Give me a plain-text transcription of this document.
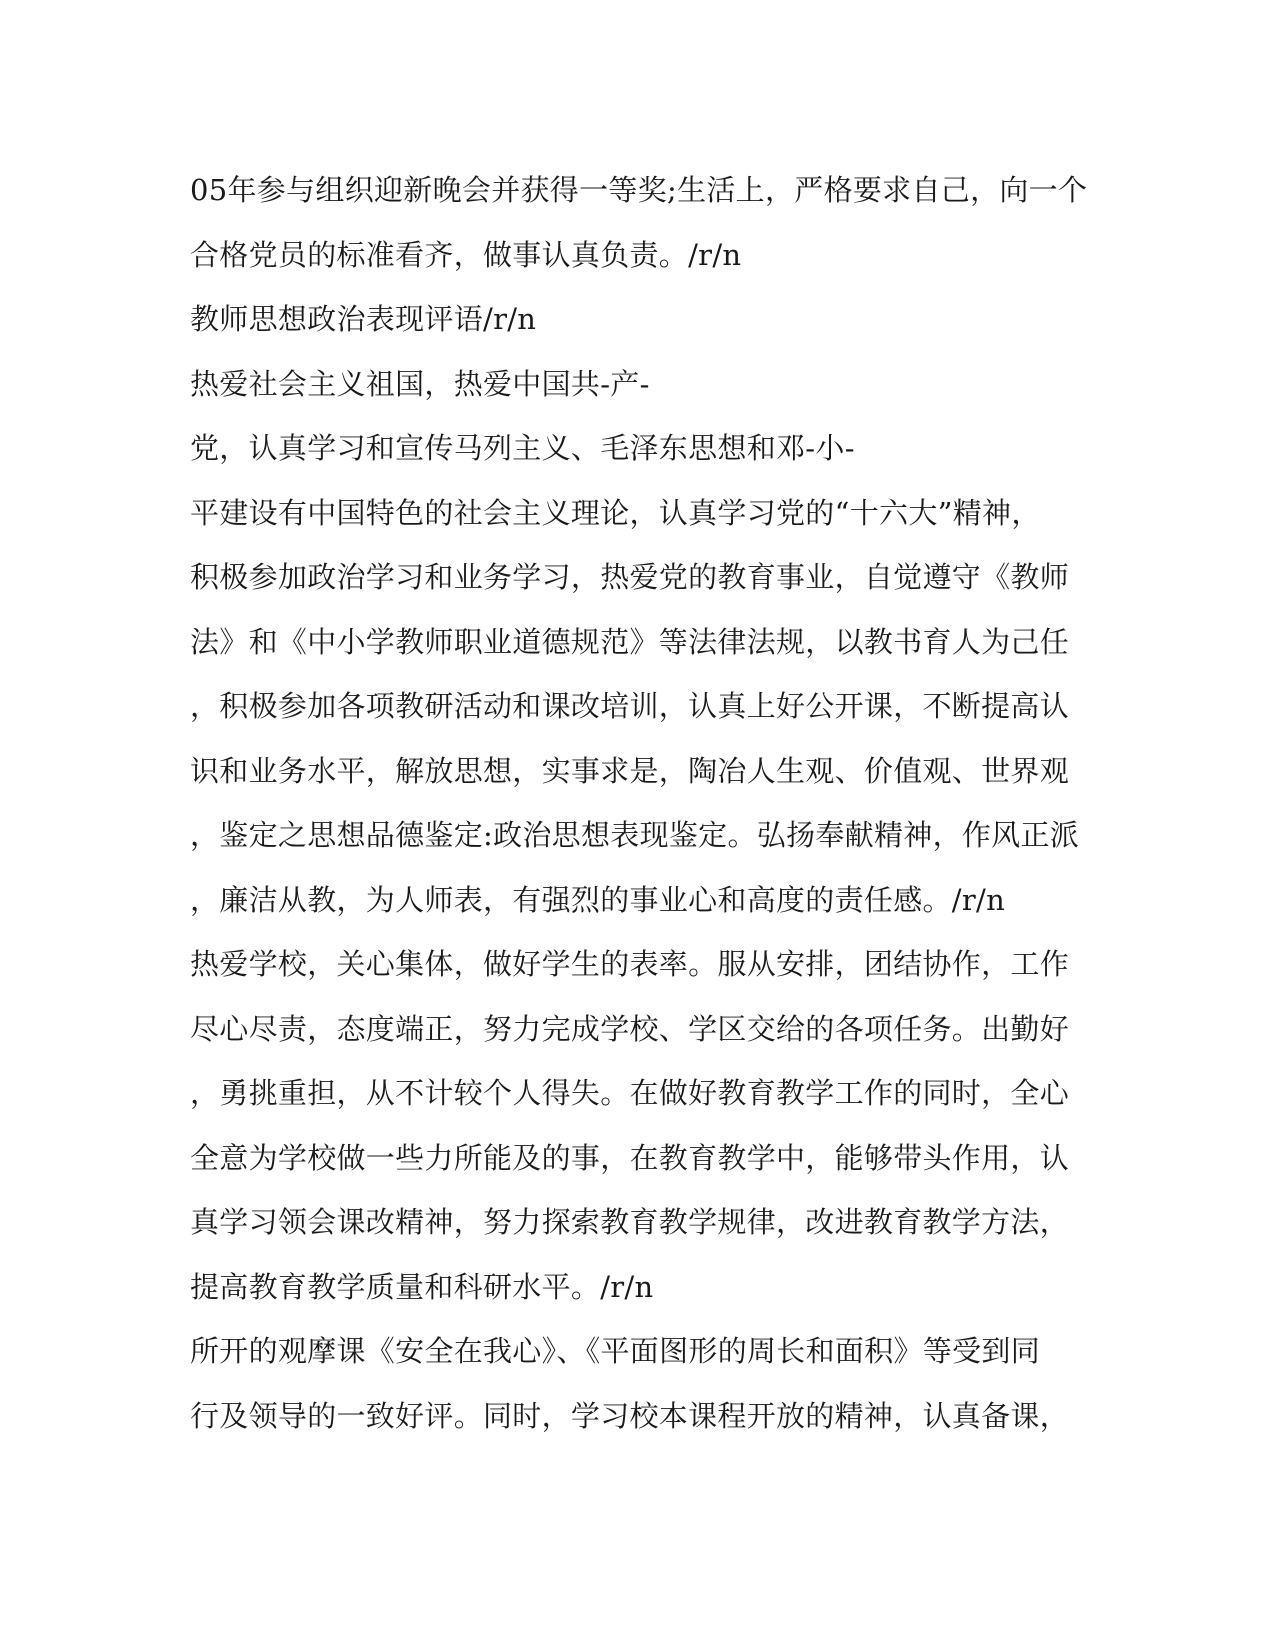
05年参与组织迎新晚会并获得一等奖;生活上，严格要求自己，向一个
合格党员的标准看齐，做事认真负责。/r/n
教师思想政治表现评语/r/n
热爱社会主义祖国，热爱中国共-产-
党，认真学习和宣传马列主义、毛泽东思想和邓-小-
平建设有中国特色的社会主义理论，认真学习党的“十六大”精神，
积极参加政治学习和业务学习，热爱党的教育事业，自觉遵守《教师
法》和《中小学教师职业道德规范》等法律法规，以教书育人为己任
，积极参加各项教研活动和课改培训，认真上好公开课，不断提高认
识和业务水平，解放思想，实事求是，陶冶人生观、价值观、世界观
，鉴定之思想品德鉴定:政治思想表现鉴定。弘扬奉献精神，作风正派
，廉洁从教，为人师表，有强烈的事业心和高度的责任感。/r/n
热爱学校，关心集体，做好学生的表率。服从安排，团结协作，工作
尽心尽责，态度端正，努力完成学校、学区交给的各项任务。出勤好
，勇挑重担，从不计较个人得失。在做好教育教学工作的同时，全心
全意为学校做一些力所能及的事，在教育教学中，能够带头作用，认
真学习领会课改精神，努力探索教育教学规律，改进教育教学方法，
提高教育教学质量和科研水平。/r/n
所开的观摩课《安全在我心》、《平面图形的周长和面积》等受到同
行及领导的一致好评。同时，学习校本课程开放的精神，认真备课，
